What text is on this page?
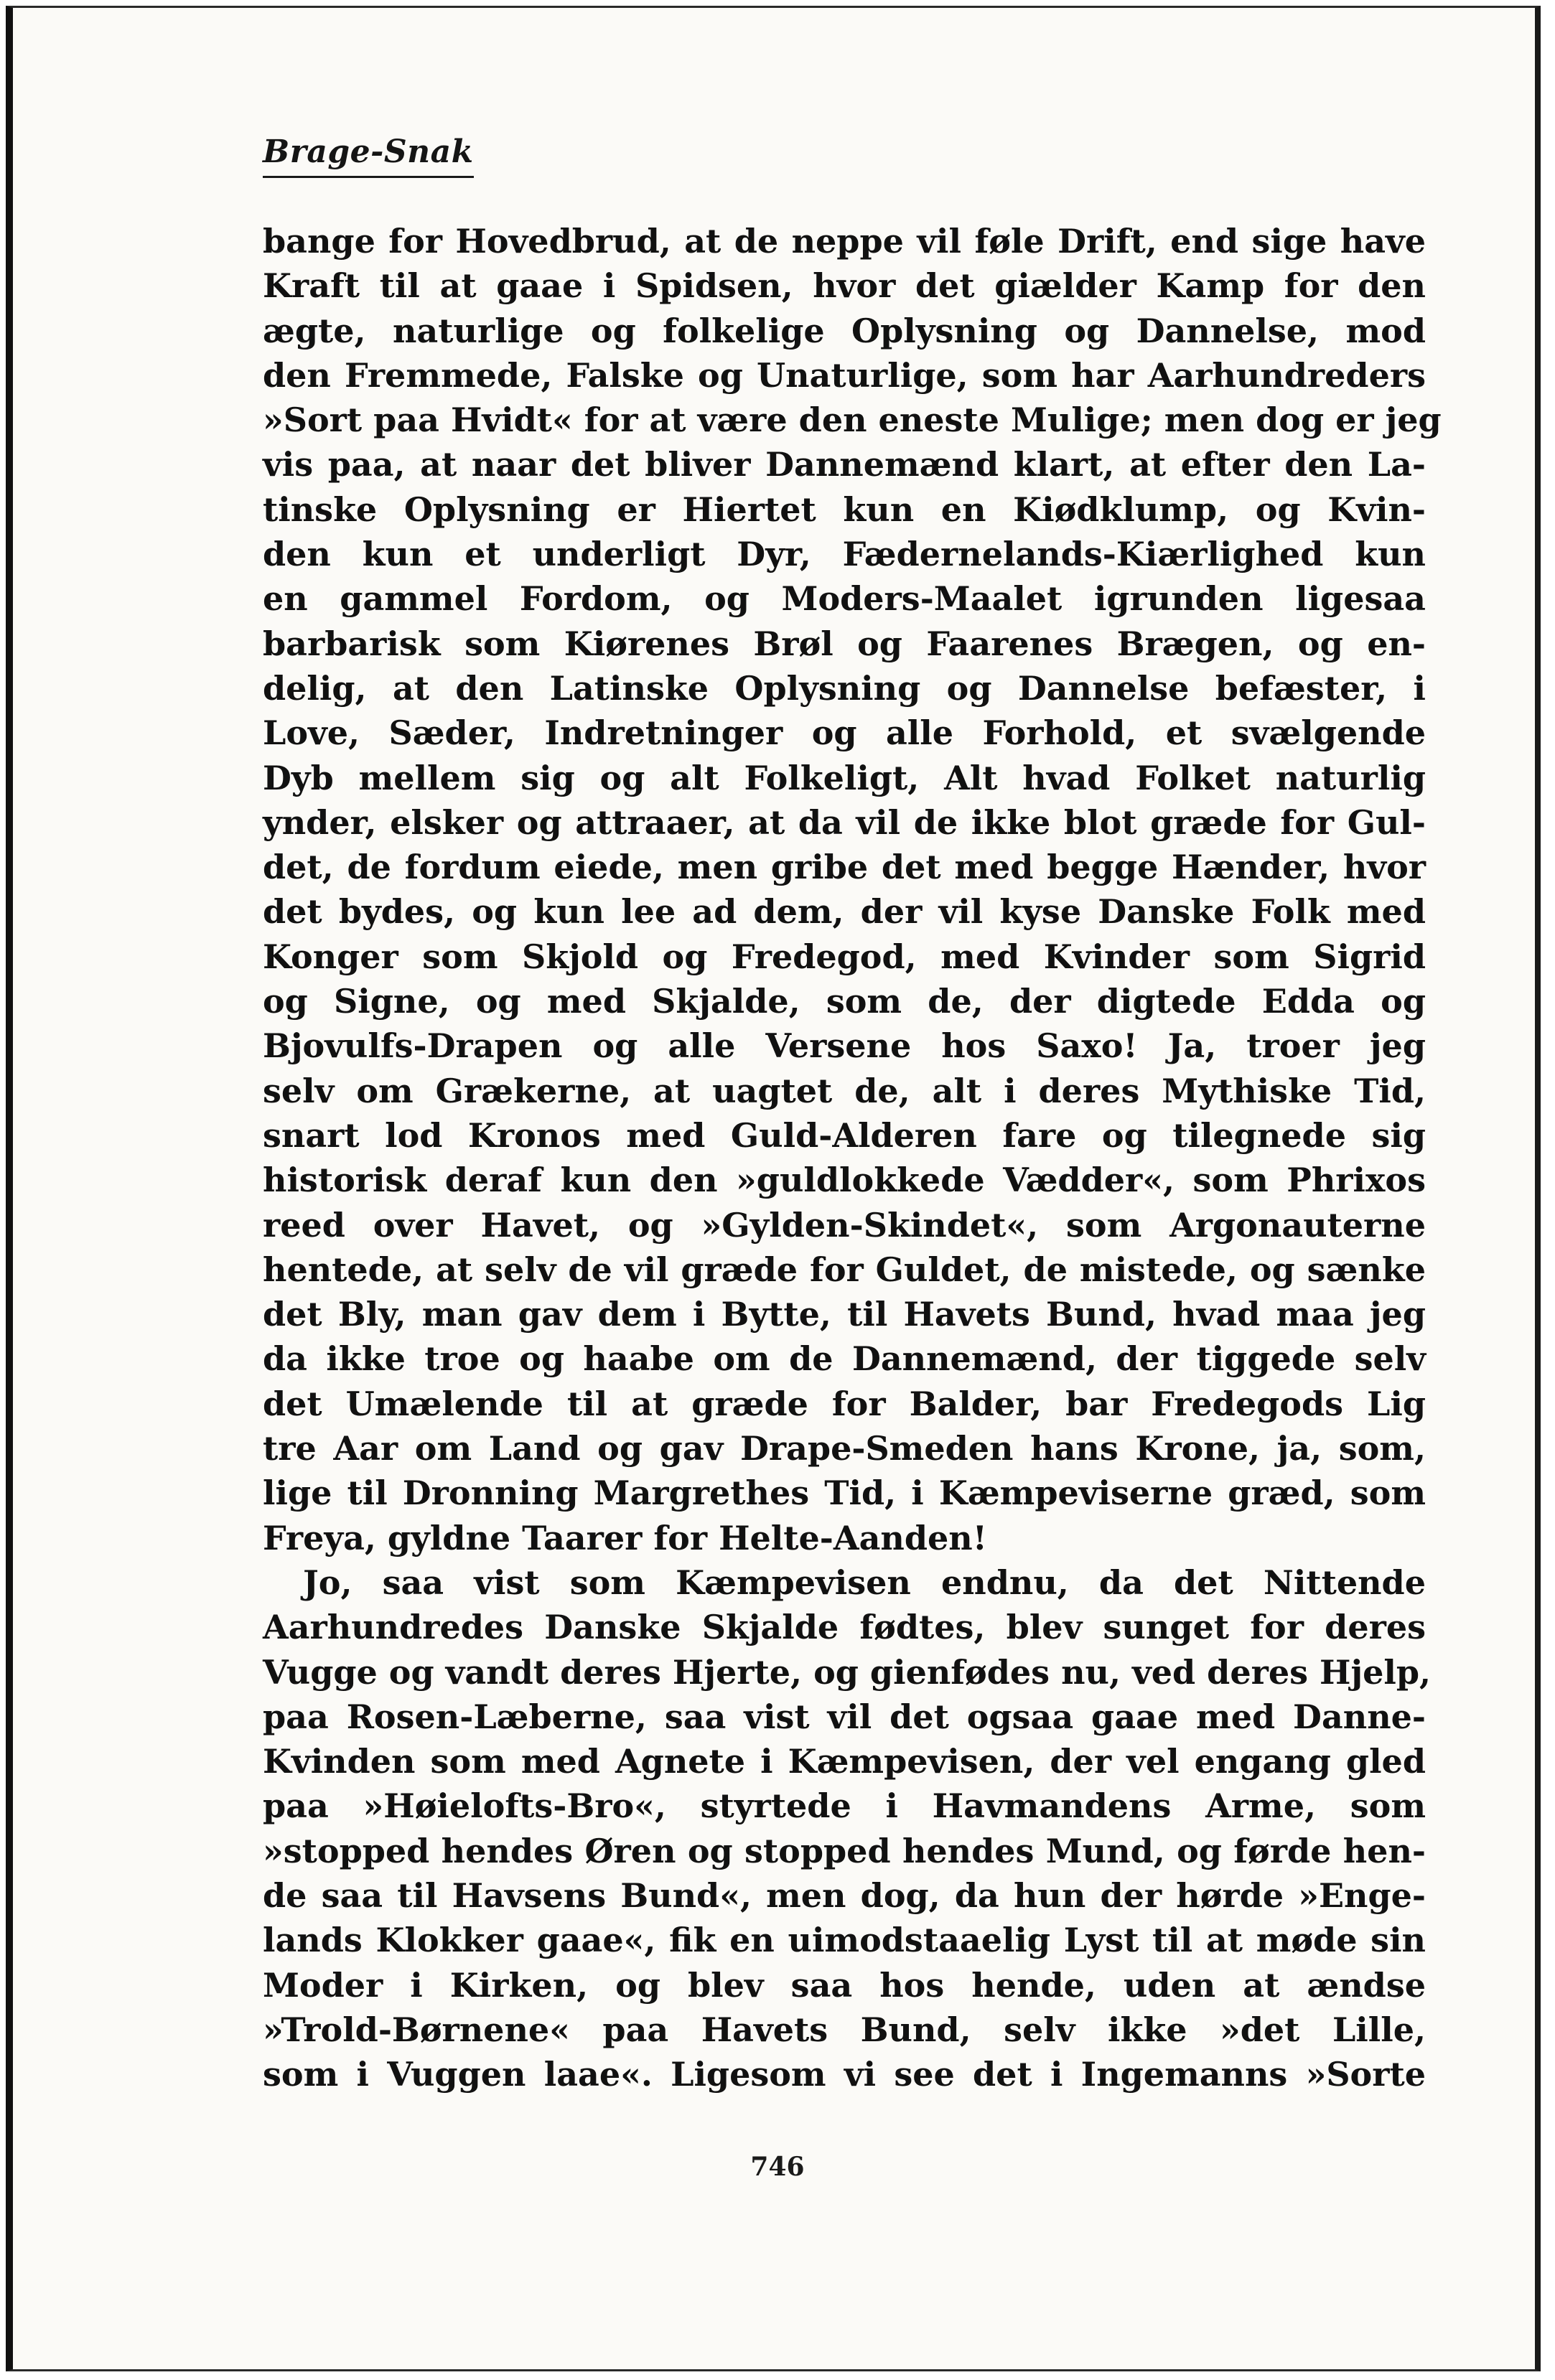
Brage-Snak
bange for Hovedbrud, at de neppe vil føle Drift, end sige have
Kraft til at gaae i Spidsen, hvor det giælder Kamp for den
ægte, naturlige og folkelige Oplysning og Dannelse, mod
den Fremmede, Falske og Unaturlige, som har Aarhundreders
»Sort paa Hvidt« for at være den eneste Mulige; men dog er jeg
vis paa, at naar det bliver Dannemænd klart, at efter den La-
tinske Oplysning er Hiertet kun en Kiødklump, og Kvin-
den kun et underligt Dyr, Fædernelands-Kiærlighed kun
en gammel Fordom, og Moders-Maalet igrunden ligesaa
barbarisk som Kiørenes Brøl og Faarenes Brægen, og en-
delig, at den Latinske Oplysning og Dannelse befæster, i
Love, Sæder, Indretninger og alle Forhold, et svælgende
Dyb mellem sig og alt Folkeligt, Alt hvad Folket naturlig
ynder, elsker og attraaer, at da vil de ikke blot græde for Gul-
det, de fordum eiede, men gribe det med begge Hænder, hvor
det bydes, og kun lee ad dem, der vil kyse Danske Folk med
Konger som Skjold og Fredegod, med Kvinder som Sigrid
og Signe, og med Skjalde, som de, der digtede Edda og
Bjovulfs-Drapen og alle Versene hos Saxo! Ja, troer jeg
selv om Grækerne, at uagtet de, alt i deres Mythiske Tid,
snart lod Kronos med Guld-Alderen fare og tilegnede sig
historisk deraf kun den »guldlokkede Vædder«, som Phrixos
reed over Havet, og »Gylden-Skindet«, som Argonauterne
hentede, at selv de vil græde for Guldet, de mistede, og sænke
det Bly, man gav dem i Bytte, til Havets Bund, hvad maa jeg
da ikke troe og haabe om de Dannemænd, der tiggede selv
det Umælende til at græde for Balder, bar Fredegods Lig
tre Aar om Land og gav Drape-Smeden hans Krone, ja, som,
lige til Dronning Margrethes Tid, i Kæmpeviserne græd, som
Freya, gyldne Taarer for Helte-Aanden!
Jo, saa vist som Kæmpevisen endnu, da det Nittende
Aarhundredes Danske Skjalde fødtes, blev sunget for deres
Vugge og vandt deres Hjerte, og gienfødes nu, ved deres Hjelp,
paa Rosen-Læberne, saa vist vil det ogsaa gaae med Danne-
Kvinden som med Agnete i Kæmpevisen, der vel engang gled
paa »Høielofts-Bro«, styrtede i Havmandens Arme, som
»stopped hendes Øren og stopped hendes Mund, og førde hen-
de saa til Havsens Bund«, men dog, da hun der hørde »Enge-
lands Klokker gaae«, fik en uimodstaaelig Lyst til at møde sin
Moder i Kirken, og blev saa hos hende, uden at ændse
»Trold-Børnene« paa Havets Bund, selv ikke »det Lille,
som i Vuggen laae«. Ligesom vi see det i Ingemanns »Sorte
746
